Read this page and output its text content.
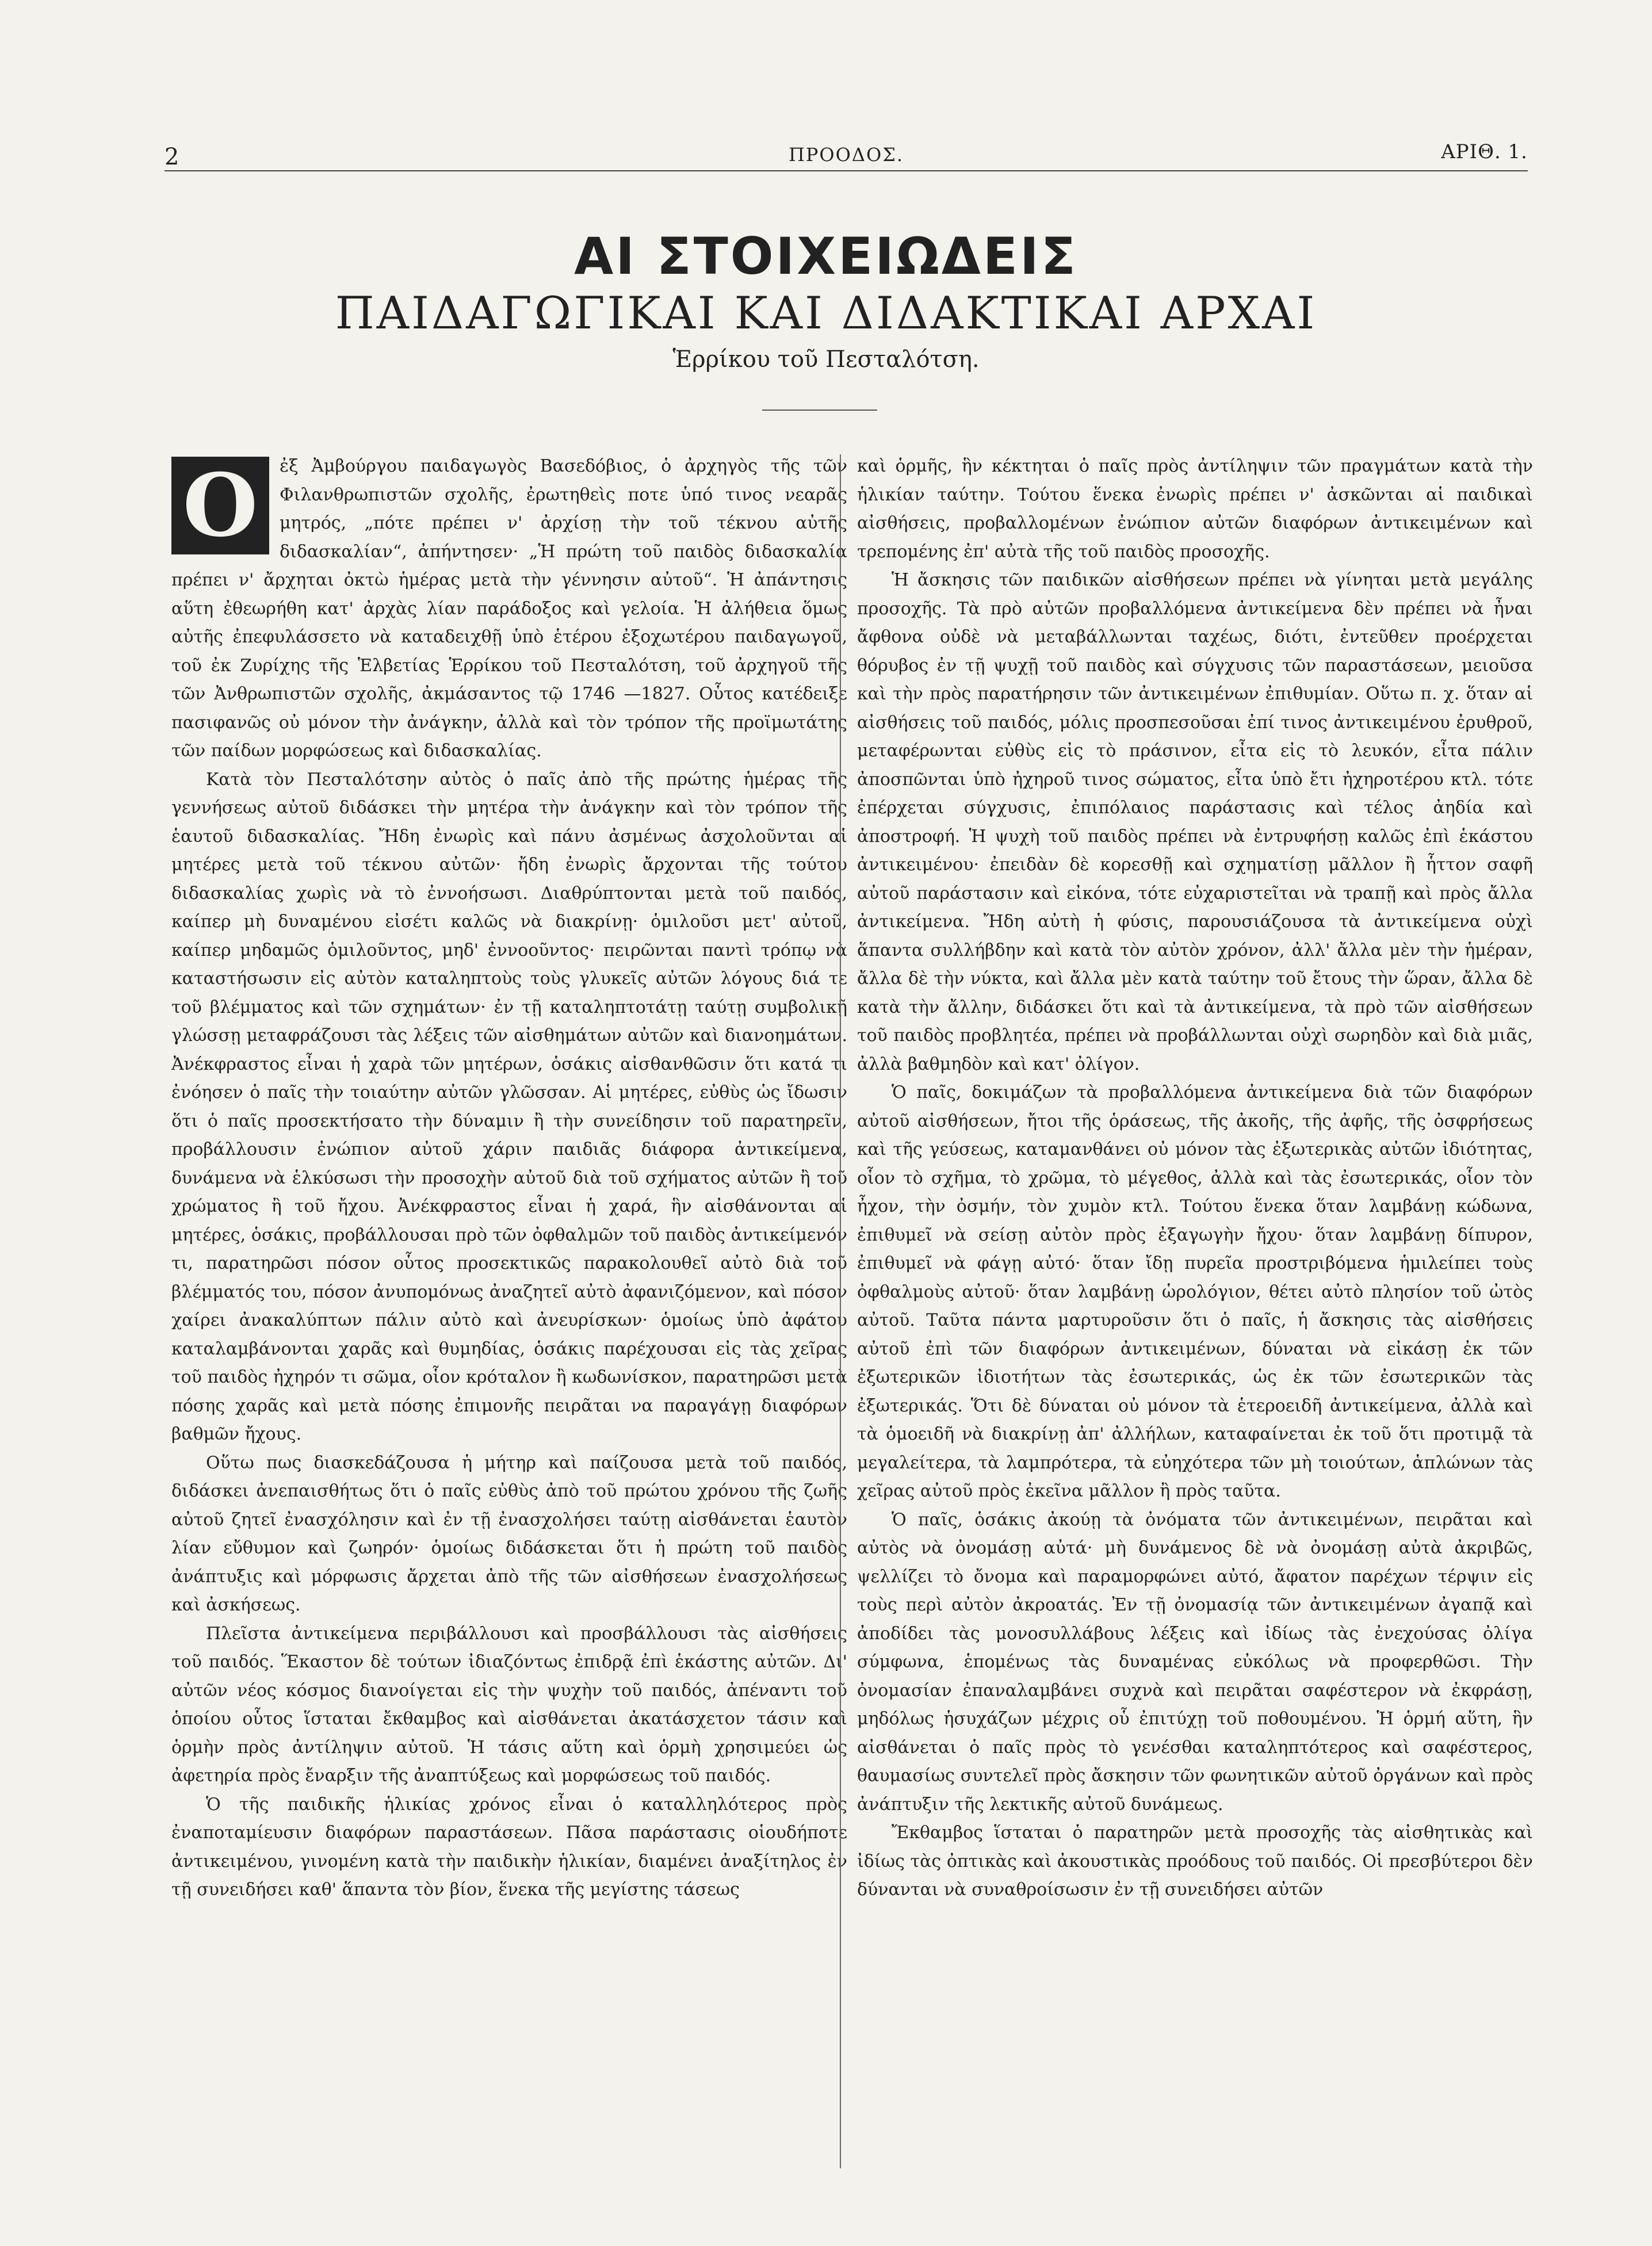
2	ΠΡΟΟΔΟΣ.	ΑΡΙΘ. 1.
ΑΙ ΣΤΟΙΧΕΙΩΔΕΙΣ
ΠΑΙΔΑΓΩΓΙΚΑΙ ΚΑΙ ΔΙΔΑΚΤΙΚΑΙ ΑΡΧΑΙ
Ἑρρίκου τοῦ Πεσταλότση.

Ο	ἐξ Ἀμβούργου παιδαγωγὸς Βασεδόβιος, ὁ ἀρχηγὸς τῆς τῶν Φιλανθρωπιστῶν σχολῆς, ἐρωτηθεὶς ποτε ὑπό τινος νεαρᾶς μητρός, „πότε πρέπει ν' ἀρχίσῃ τὴν τοῦ τέκνου αὐτῆς διδασκαλίαν“, ἀπήντησεν· „Ἡ πρώτη τοῦ παιδὸς διδασκαλία πρέπει ν' ἄρχηται ὀκτὼ ἡμέρας μετὰ τὴν γέννησιν αὐτοῦ“. Ἡ ἀπάντησις αὕτη ἐθεωρήθη κατ' ἀρχὰς λίαν παράδοξος καὶ γελοία. Ἡ ἀλήθεια ὅμως αὐτῆς ἐπεφυλάσσετο νὰ καταδειχθῇ ὑπὸ ἑτέρου ἐξοχωτέρου παιδαγωγοῦ, τοῦ ἐκ Ζυρίχης τῆς Ἑλβετίας Ἑρρίκου τοῦ Πεσταλότση, τοῦ ἀρχηγοῦ τῆς τῶν Ἀνθρωπιστῶν σχολῆς, ἀκμάσαντος τῷ 1746 —1827. Οὗτος κατέδειξε πασιφανῶς οὐ μόνον τὴν ἀνάγκην, ἀλλὰ καὶ τὸν τρόπον τῆς προϊμωτάτης τῶν παίδων μορφώσεως καὶ διδασκαλίας.

Κατὰ τὸν Πεσταλότσην αὐτὸς ὁ παῖς ἀπὸ τῆς πρώτης ἡμέρας τῆς γεννήσεως αὐτοῦ διδάσκει τὴν μητέρα τὴν ἀνάγκην καὶ τὸν τρόπον τῆς ἑαυτοῦ διδασκαλίας. Ἤδη ἐνωρὶς καὶ πάνυ ἀσμένως ἀσχολοῦνται αἱ μητέρες μετὰ τοῦ τέκνου αὐτῶν· ἤδη ἐνωρὶς ἄρχονται τῆς τούτου διδασκαλίας χωρὶς νὰ τὸ ἐννοήσωσι. Διαθρύπτονται μετὰ τοῦ παιδός, καίπερ μὴ δυναμένου εἰσέτι καλῶς νὰ διακρίνῃ· ὁμιλοῦσι μετ' αὐτοῦ, καίπερ μηδαμῶς ὁμιλοῦντος, μηδ' ἐννοοῦντος· πειρῶνται παντὶ τρόπῳ νὰ καταστήσωσιν εἰς αὐτὸν καταληπτοὺς τοὺς γλυκεῖς αὐτῶν λόγους διά τε τοῦ βλέμματος καὶ τῶν σχημάτων· ἐν τῇ καταληπτοτάτῃ ταύτῃ συμβολικῇ γλώσσῃ μεταφράζουσι τὰς λέξεις τῶν αἰσθημάτων αὐτῶν καὶ διανοημάτων. Ἀνέκφραστος εἶναι ἡ χαρὰ τῶν μητέρων, ὁσάκις αἰσθανθῶσιν ὅτι κατά τι ἐνόησεν ὁ παῖς τὴν τοιαύτην αὐτῶν γλῶσσαν. Αἱ μητέρες, εὐθὺς ὡς ἴδωσιν ὅτι ὁ παῖς προσεκτήσατο τὴν δύναμιν ἢ τὴν συνείδησιν τοῦ παρατηρεῖν, προβάλλουσιν ἐνώπιον αὐτοῦ χάριν παιδιᾶς διάφορα ἀντικείμενα, δυνάμενα νὰ ἑλκύσωσι τὴν προσοχὴν αὐτοῦ διὰ τοῦ σχήματος αὐτῶν ἢ τοῦ χρώματος ἢ τοῦ ἤχου. Ἀνέκφραστος εἶναι ἡ χαρά, ἣν αἰσθάνονται αἱ μητέρες, ὁσάκις, προβάλλουσαι πρὸ τῶν ὀφθαλμῶν τοῦ παιδὸς ἀντικείμενόν τι, παρατηρῶσι πόσον οὗτος προσεκτικῶς παρακολουθεῖ αὐτὸ διὰ τοῦ βλέμματός του, πόσον ἀνυπομόνως ἀναζητεῖ αὐτὸ ἀφανιζόμενον, καὶ πόσον χαίρει ἀνακαλύπτων πάλιν αὐτὸ καὶ ἀνευρίσκων· ὁμοίως ὑπὸ ἀφάτου καταλαμβάνονται χαρᾶς καὶ θυμηδίας, ὁσάκις παρέχουσαι εἰς τὰς χεῖρας τοῦ παιδὸς ἠχηρόν τι σῶμα, οἷον κρόταλον ἢ κωδωνίσκον, παρατηρῶσι μετὰ πόσης χαρᾶς καὶ μετὰ πόσης ἐπιμονῆς πειρᾶται να παραγάγῃ διαφόρων βαθμῶν ἤχους.

Οὕτω πως διασκεδάζουσα ἡ μήτηρ καὶ παίζουσα μετὰ τοῦ παιδός, διδάσκει ἀνεπαισθήτως ὅτι ὁ παῖς εὐθὺς ἀπὸ τοῦ πρώτου χρόνου τῆς ζωῆς αὐτοῦ ζητεῖ ἐνασχόλησιν καὶ ἐν τῇ ἐνασχολήσει ταύτῃ αἰσθάνεται ἑαυτὸν λίαν εὔθυμον καὶ ζωηρόν· ὁμοίως διδάσκεται ὅτι ἡ πρώτη τοῦ παιδὸς ἀνάπτυξις καὶ μόρφωσις ἄρχεται ἀπὸ τῆς τῶν αἰσθήσεων ἐνασχολήσεως καὶ ἀσκήσεως.

Πλεῖστα ἀντικείμενα περιβάλλουσι καὶ προσβάλλουσι τὰς αἰσθήσεις τοῦ παιδός. Ἕκαστον δὲ τούτων ἰδιαζόντως ἐπιδρᾷ ἐπὶ ἑκάστης αὐτῶν. Δι' αὐτῶν νέος κόσμος διανοίγεται εἰς τὴν ψυχὴν τοῦ παιδός, ἀπέναντι τοῦ ὁποίου οὗτος ἵσταται ἔκθαμβος καὶ αἰσθάνεται ἀκατάσχετον τάσιν καὶ ὁρμὴν πρὸς ἀντίληψιν αὐτοῦ. Ἡ τάσις αὕτη καὶ ὁρμὴ χρησιμεύει ὡς ἀφετηρία πρὸς ἔναρξιν τῆς ἀναπτύξεως καὶ μορφώσεως τοῦ παιδός.

Ὁ τῆς παιδικῆς ἡλικίας χρόνος εἶναι ὁ καταλληλότερος πρὸς ἐναποταμίευσιν διαφόρων παραστάσεων. Πᾶσα παράστασις οἱουδήποτε ἀντικειμένου, γινομένη κατὰ τὴν παιδικὴν ἡλικίαν, διαμένει ἀναξίτηλος ἐν τῇ συνειδήσει καθ' ἅπαντα τὸν βίον, ἕνεκα τῆς μεγίστης τάσεως

καὶ ὁρμῆς, ἣν κέκτηται ὁ παῖς πρὸς ἀντίληψιν τῶν πραγμάτων κατὰ τὴν ἡλικίαν ταύτην. Τούτου ἕνεκα ἐνωρὶς πρέπει ν' ἀσκῶνται αἱ παιδικαὶ αἰσθήσεις, προβαλλομένων ἐνώπιον αὐτῶν διαφόρων ἀντικειμένων καὶ τρεπομένης ἐπ' αὐτὰ τῆς τοῦ παιδὸς προσοχῆς.

Ἡ ἄσκησις τῶν παιδικῶν αἰσθήσεων πρέπει νὰ γίνηται μετὰ μεγάλης προσοχῆς. Τὰ πρὸ αὐτῶν προβαλλόμενα ἀντικείμενα δὲν πρέπει νὰ ἦναι ἄφθονα οὐδὲ νὰ μεταβάλλωνται ταχέως, διότι, ἐντεῦθεν προέρχεται θόρυβος ἐν τῇ ψυχῇ τοῦ παιδὸς καὶ σύγχυσις τῶν παραστάσεων, μειοῦσα καὶ τὴν πρὸς παρατήρησιν τῶν ἀντικειμένων ἐπιθυμίαν. Οὕτω π. χ. ὅταν αἱ αἰσθήσεις τοῦ παιδός, μόλις προσπεσοῦσαι ἐπί τινος ἀντικειμένου ἐρυθροῦ, μεταφέρωνται εὐθὺς εἰς τὸ πράσινον, εἶτα εἰς τὸ λευκόν, εἶτα πάλιν ἀποσπῶνται ὑπὸ ἠχηροῦ τινος σώματος, εἶτα ὑπὸ ἔτι ἠχηροτέρου κτλ. τότε ἐπέρχεται σύγχυσις, ἐπιπόλαιος παράστασις καὶ τέλος ἀηδία καὶ ἀποστροφή. Ἡ ψυχὴ τοῦ παιδὸς πρέπει νὰ ἐντρυφήσῃ καλῶς ἐπὶ ἑκάστου ἀντικειμένου· ἐπειδὰν δὲ κορεσθῇ καὶ σχηματίσῃ μᾶλλον ἢ ἧττον σαφῆ αὐτοῦ παράστασιν καὶ εἰκόνα, τότε εὐχαριστεῖται νὰ τραπῇ καὶ πρὸς ἄλλα ἀντικείμενα. Ἤδη αὐτὴ ἡ φύσις, παρουσιάζουσα τὰ ἀντικείμενα οὐχὶ ἅπαντα συλλήβδην καὶ κατὰ τὸν αὐτὸν χρόνον, ἀλλ' ἄλλα μὲν τὴν ἡμέραν, ἄλλα δὲ τὴν νύκτα, καὶ ἄλλα μὲν κατὰ ταύτην τοῦ ἔτους τὴν ὥραν, ἄλλα δὲ κατὰ τὴν ἄλλην, διδάσκει ὅτι καὶ τὰ ἀντικείμενα, τὰ πρὸ τῶν αἰσθήσεων τοῦ παιδὸς προβλητέα, πρέπει νὰ προβάλλωνται οὐχὶ σωρηδὸν καὶ διὰ μιᾶς, ἀλλὰ βαθμηδὸν καὶ κατ' ὀλίγον.

Ὁ παῖς, δοκιμάζων τὰ προβαλλόμενα ἀντικείμενα διὰ τῶν διαφόρων αὐτοῦ αἰσθήσεων, ἤτοι τῆς ὁράσεως, τῆς ἀκοῆς, τῆς ἀφῆς, τῆς ὀσφρήσεως καὶ τῆς γεύσεως, καταμανθάνει οὐ μόνον τὰς ἐξωτερικὰς αὐτῶν ἰδιότητας, οἷον τὸ σχῆμα, τὸ χρῶμα, τὸ μέγεθος, ἀλλὰ καὶ τὰς ἐσωτερικάς, οἷον τὸν ἦχον, τὴν ὀσμήν, τὸν χυμὸν κτλ. Τούτου ἕνεκα ὅταν λαμβάνῃ κώδωνα, ἐπιθυμεῖ νὰ σείσῃ αὐτὸν πρὸς ἐξαγωγὴν ἤχου· ὅταν λαμβάνῃ δίπυρον, ἐπιθυμεῖ νὰ φάγῃ αὐτό· ὅταν ἴδῃ πυρεῖα προστριβόμενα ἡμιλείπει τοὺς ὀφθαλμοὺς αὐτοῦ· ὅταν λαμβάνῃ ὡρολόγιον, θέτει αὐτὸ πλησίον τοῦ ὠτὸς αὐτοῦ. Ταῦτα πάντα μαρτυροῦσιν ὅτι ὁ παῖς, ἡ ἄσκησις τὰς αἰσθήσεις αὐτοῦ ἐπὶ τῶν διαφόρων ἀντικειμένων, δύναται νὰ εἰκάσῃ ἐκ τῶν ἐξωτερικῶν ἰδιοτήτων τὰς ἐσωτερικάς, ὡς ἐκ τῶν ἐσωτερικῶν τὰς ἐξωτερικάς. Ὅτι δὲ δύναται οὐ μόνον τὰ ἑτεροειδῆ ἀντικείμενα, ἀλλὰ καὶ τὰ ὁμοειδῆ νὰ διακρίνῃ ἀπ' ἀλλήλων, καταφαίνεται ἐκ τοῦ ὅτι προτιμᾷ τὰ μεγαλείτερα, τὰ λαμπρότερα, τὰ εὐηχότερα τῶν μὴ τοιούτων, ἁπλώνων τὰς χεῖρας αὐτοῦ πρὸς ἐκεῖνα μᾶλλον ἢ πρὸς ταῦτα.

Ὁ παῖς, ὁσάκις ἀκούῃ τὰ ὀνόματα τῶν ἀντικειμένων, πειρᾶται καὶ αὐτὸς νὰ ὀνομάσῃ αὐτά· μὴ δυνάμενος δὲ νὰ ὀνομάσῃ αὐτὰ ἀκριβῶς, ψελλίζει τὸ ὄνομα καὶ παραμορφώνει αὐτό, ἄφατον παρέχων τέρψιν εἰς τοὺς περὶ αὐτὸν ἀκροατάς. Ἐν τῇ ὀνομασίᾳ τῶν ἀντικειμένων ἀγαπᾷ καὶ ἀποδίδει τὰς μονοσυλλάβους λέξεις καὶ ἰδίως τὰς ἐνεχούσας ὀλίγα σύμφωνα, ἑπομένως τὰς δυναμένας εὐκόλως νὰ προφερθῶσι. Τὴν ὀνομασίαν ἐπαναλαμβάνει συχνὰ καὶ πειρᾶται σαφέστερον νὰ ἐκφράσῃ, μηδόλως ἡσυχάζων μέχρις οὗ ἐπιτύχῃ τοῦ ποθουμένου. Ἡ ὁρμή αὕτη, ἣν αἰσθάνεται ὁ παῖς πρὸς τὸ γενέσθαι καταληπτότερος καὶ σαφέστερος, θαυμασίως συντελεῖ πρὸς ἄσκησιν τῶν φωνητικῶν αὐτοῦ ὀργάνων καὶ πρὸς ἀνάπτυξιν τῆς λεκτικῆς αὐτοῦ δυνάμεως.

Ἔκθαμβος ἵσταται ὁ παρατηρῶν μετὰ προσοχῆς τὰς αἰσθητικὰς καὶ ἰδίως τὰς ὀπτικὰς καὶ ἀκουστικὰς προόδους τοῦ παιδός. Οἱ πρεσβύτεροι δὲν δύνανται νὰ συναθροίσωσιν ἐν τῇ συνειδήσει αὐτῶν
